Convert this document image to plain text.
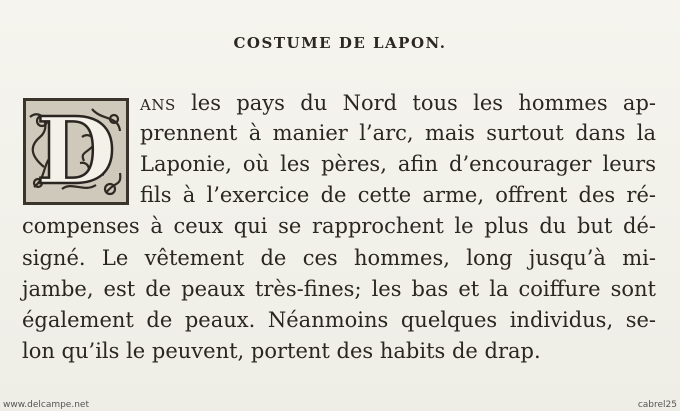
COSTUME DE LAPON.
D ANS les pays du Nord tous les hommes ap-
prennent à manier l’arc, mais surtout dans la
Laponie, où les pères, afin d’encourager leurs
fils à l’exercice de cette arme, offrent des ré-
compenses à ceux qui se rapprochent le plus du but dé-
signé. Le vêtement de ces hommes, long jusqu’à mi-
jambe, est de peaux très-fines; les bas et la coiffure sont
également de peaux. Néanmoins quelques individus, se-
lon qu’ils le peuvent, portent des habits de drap.
www.delcampe.net	cabrel25
